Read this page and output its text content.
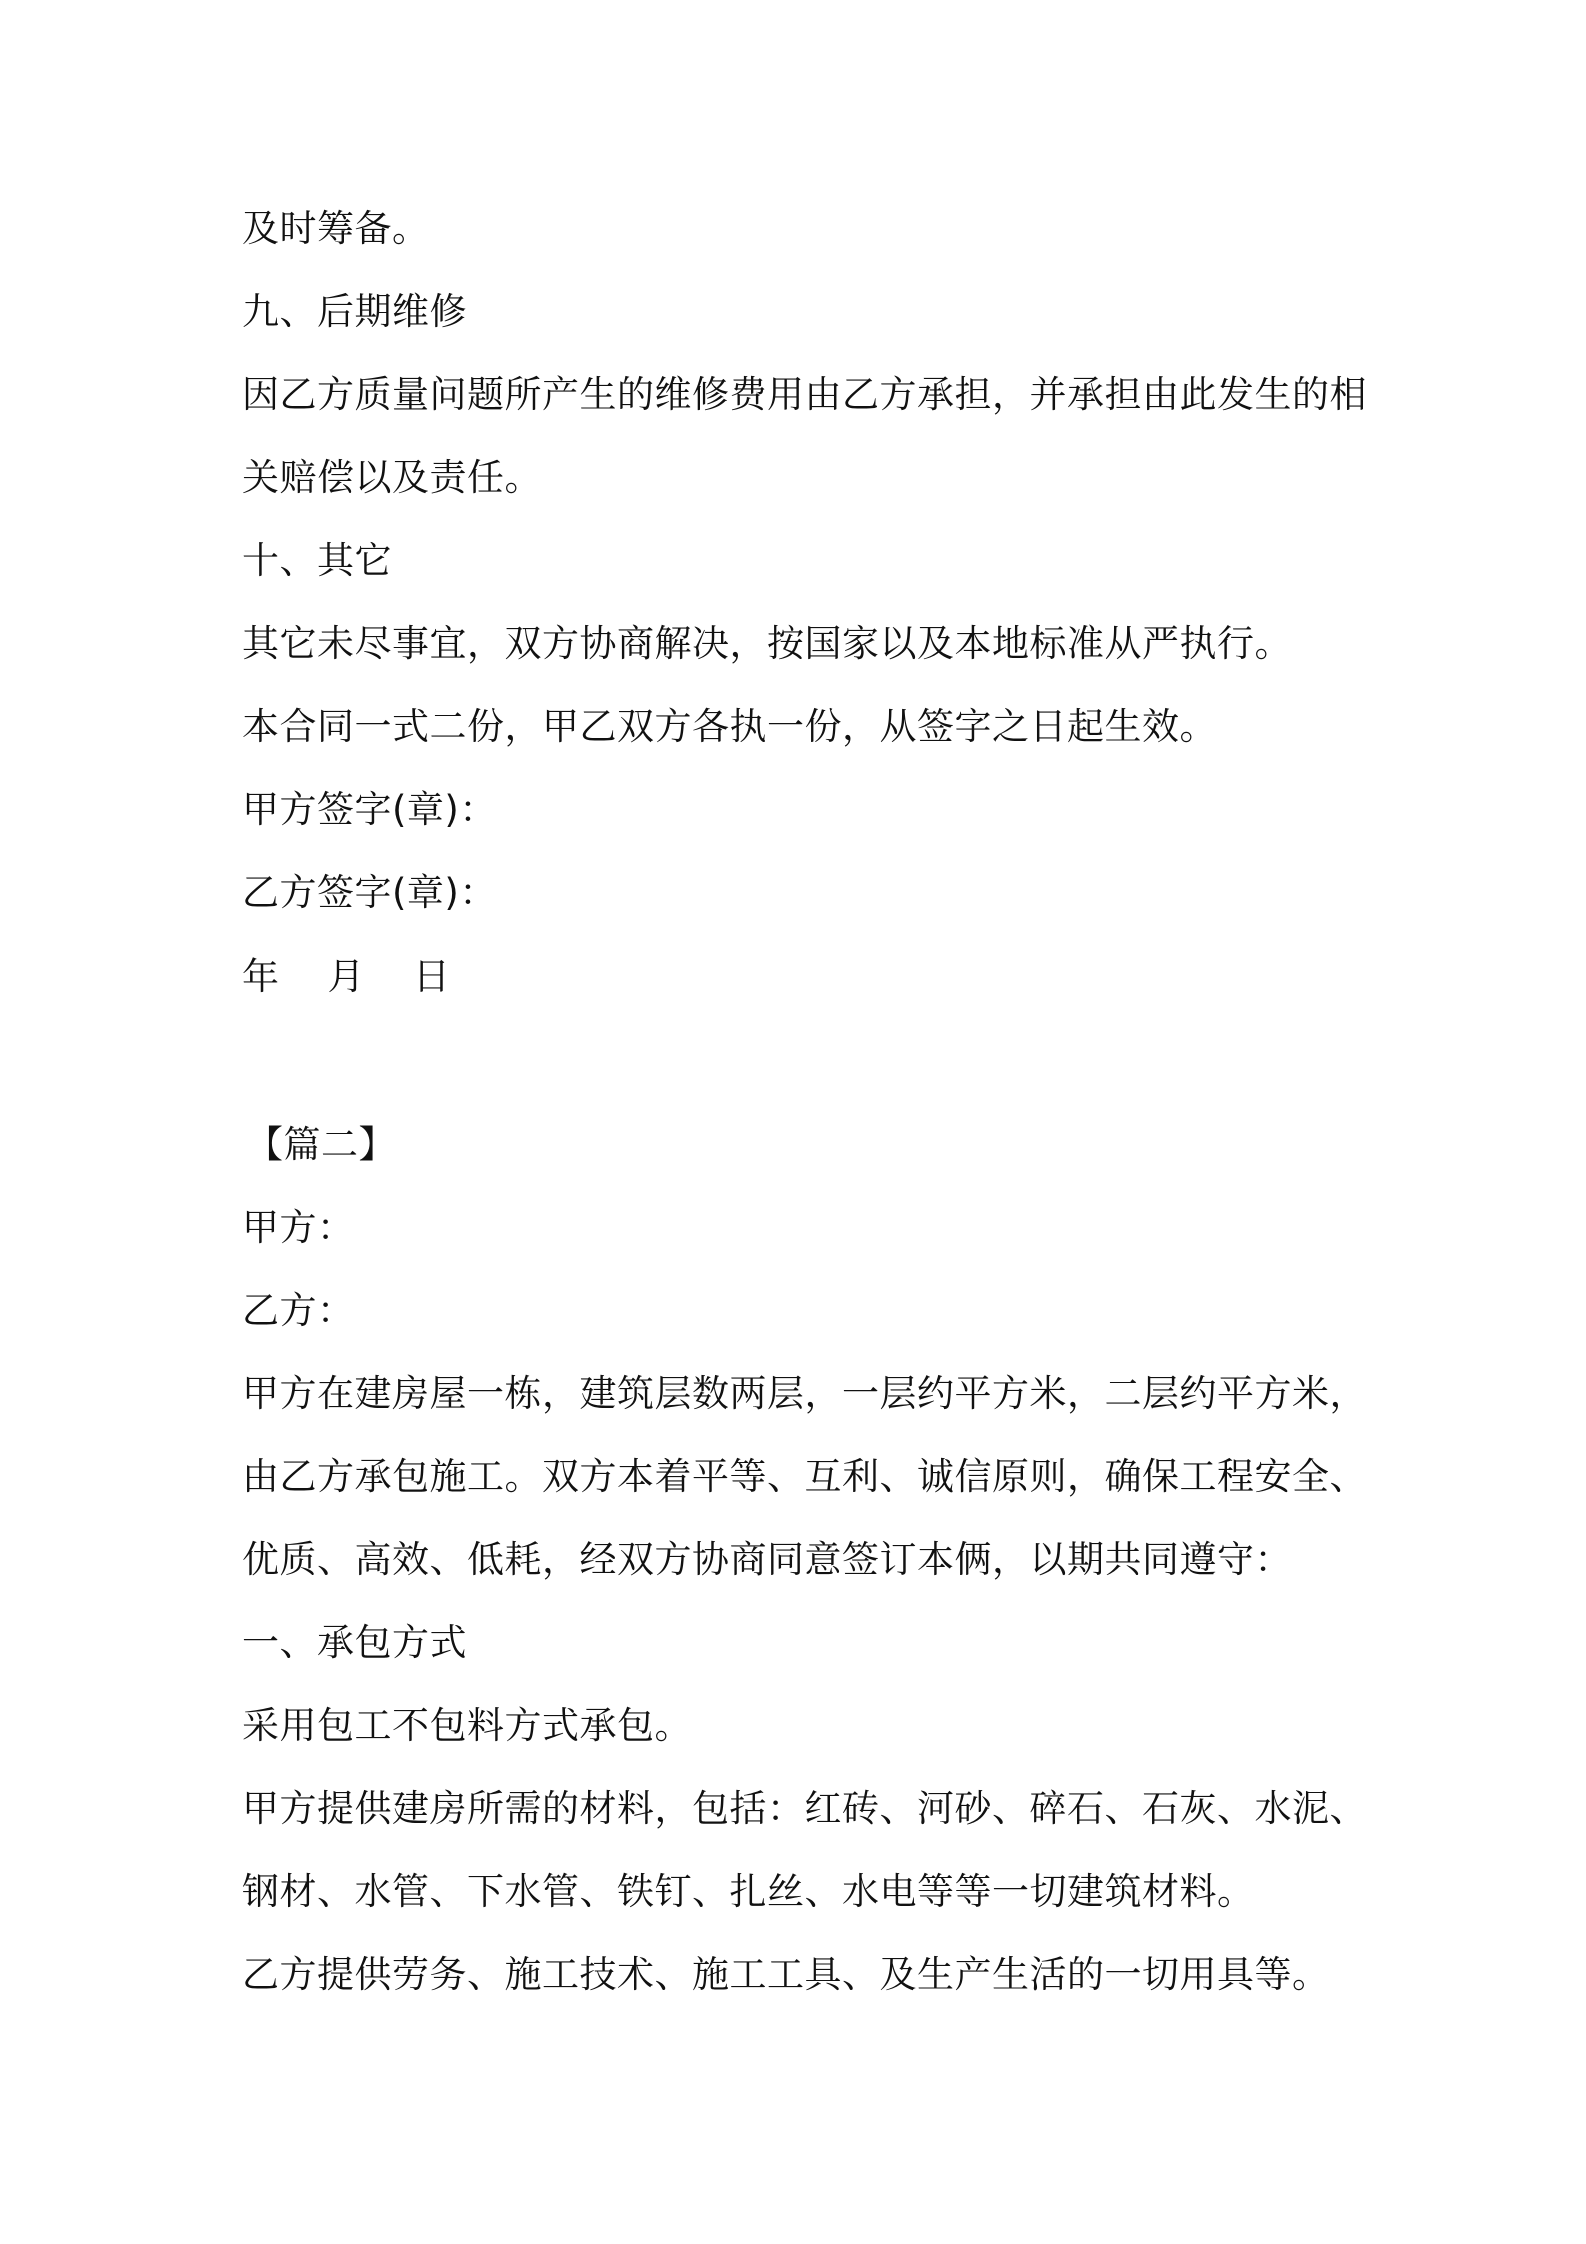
及时筹备。
九、后期维修
因乙方质量问题所产生的维修费用由乙方承担，并承担由此发生的相
关赔偿以及责任。
十、其它
其它未尽事宜，双方协商解决，按国家以及本地标准从严执行。
本合同一式二份，甲乙双方各执一份，从签字之日起生效。
甲方签字(章)：
乙方签字(章)：
年 月 日
【篇二】
甲方：
乙方：
甲方在建房屋一栋，建筑层数两层，一层约平方米，二层约平方米，
由乙方承包施工。双方本着平等、互利、诚信原则，确保工程安全、
优质、高效、低耗，经双方协商同意签订本俩，以期共同遵守：
一、承包方式
采用包工不包料方式承包。
甲方提供建房所需的材料，包括：红砖、河砂、碎石、石灰、水泥、
钢材、水管、下水管、铁钉、扎丝、水电等等一切建筑材料。
乙方提供劳务、施工技术、施工工具、及生产生活的一切用具等。
